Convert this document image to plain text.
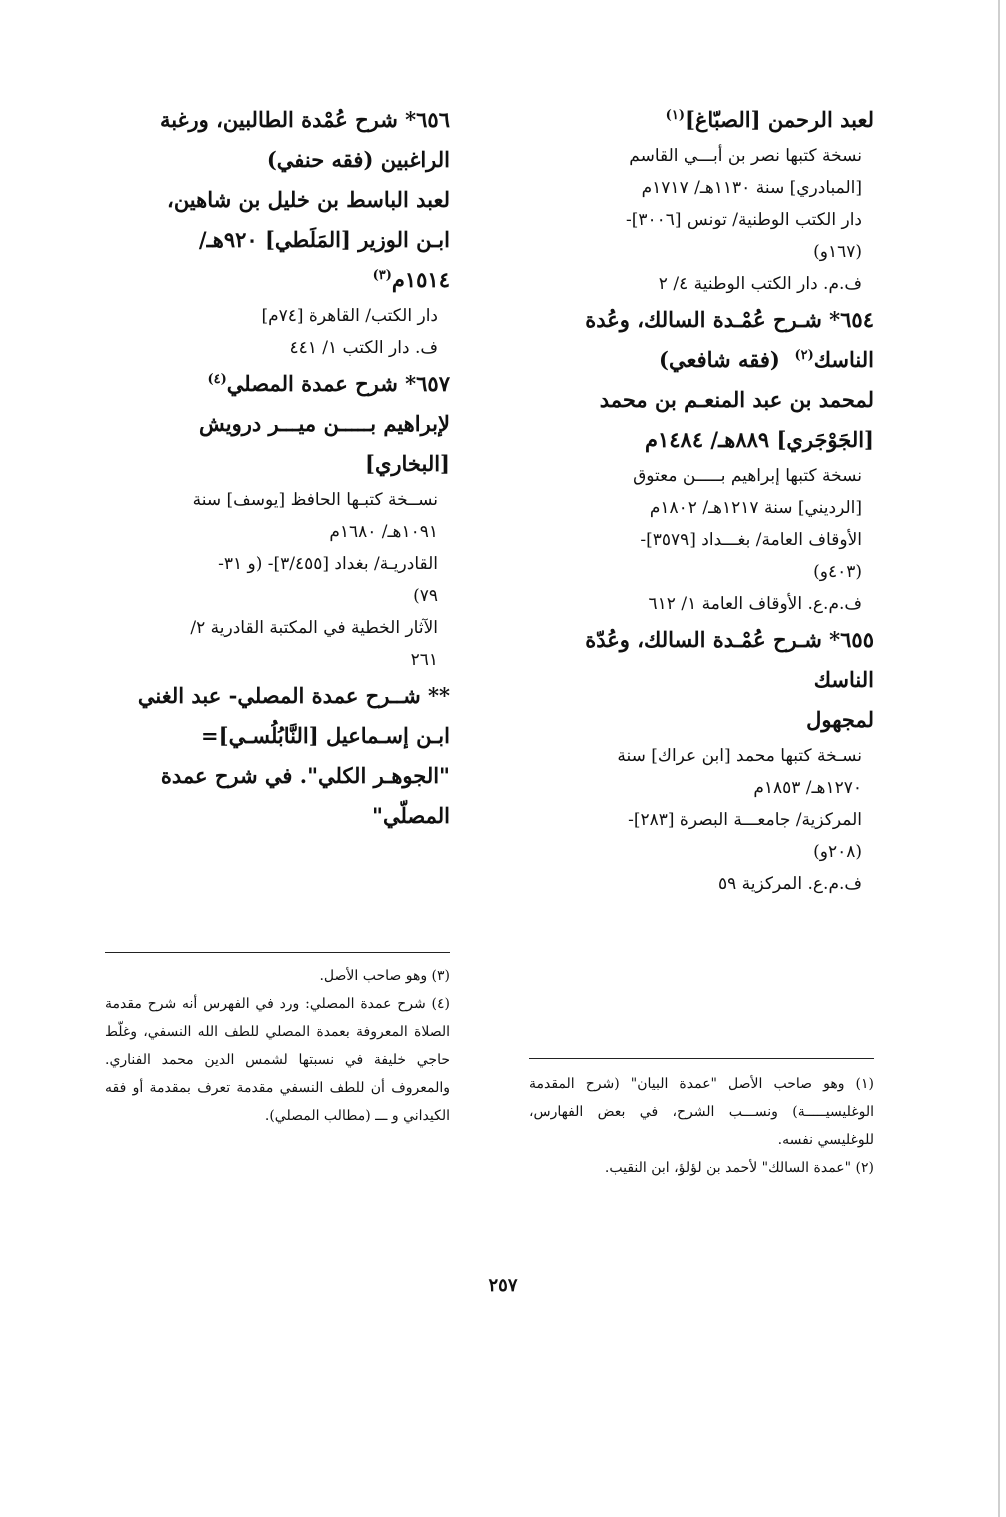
لعبد الرحمن [الصبّاغ]$^{(١)}$

نسخة كتبها نصر بن أبـــي القاسم

[المبادري] سنة ١١٣٠هـ/ ١٧١٧م

دار الكتب الوطنية/ تونس [٣٠٠٦]-

(١٦٧و)

ف.م. دار الكتب الوطنية ٤/ ٢

٦٥٤* شـرح عُمْـدة السالك، وعُدة

الناسك$^{(٢)}$  (فقه شافعي)

لمحمد بن عبد المنعـم بن محمد

[الجَوْجَري] ٨٨٩هـ/ ١٤٨٤م

نسخة كتبها إبراهيم بـــــن معتوق

[الرديني] سنة ١٢١٧هـ/ ١٨٠٢م

الأوقاف العامة/ بغـــداد [٣٥٧٩]-

(٤٠٣و)

ف.م.ع. الأوقاف العامة ١/ ٦١٢

٦٥٥* شـرح عُمْـدة السالك، وعُدّة

الناسك

لمجهول

نسـخة كتبها محمد [ابن عراك] سنة

١٢٧٠هـ/ ١٨٥٣م

المركزية/ جامعـــة البصرة [٢٨٣]-

(٢٠٨و)

ف.م.ع. المركزية ٥٩

٦٥٦* شرح عُمْدة الطالبين، ورغبة

الراغبين (فقه حنفي)

لعبد الباسط بن خليل بن شاهين،

ابـن الوزير [المَلَطي] ٩٢٠هـ/

١٥١٤م$^{(٣)}$

دار الكتب/ القاهرة [٧٤م]

ف. دار الكتب ١/ ٤٤١

٦٥٧* شرح عمدة المصلي$^{(٤)}$

لإبراهيم بـــــن ميـــر درويش

[البخاري]

نســخة كتبـها الحافظ [يوسف] سنة

١٠٩١هـ/ ١٦٨٠م

القادريـة/ بغداد [٣/٤٥٥]- (و ٣١-

٧٩)

الآثار الخطية في المكتبة القادرية ٢/

٢٦١

** شــرح عمدة المصلي- عبد الغني

ابـن إسـماعيل [النَّابُلُسـي]=

"الجوهـر الكلي". في شرح عمدة

المصلّي"

(١) وهو صاحب الأصل "عمدة البيان" (شرح المقدمة الوغليسيـــــة) ونســـب الشرح، في بعض الفهارس، للوغليسي نفسه.

(٢) "عمدة السالك" لأحمد بن لؤلؤ، ابن النقيب.

(٣) وهو صاحب الأصل.

(٤) شرح عمدة المصلي: ورد في الفهرس أنه شرح مقدمة الصلاة المعروفة بعمدة المصلي للطف الله النسفي، وغلّط حاجي خليفة في نسبتها لشمس الدين محمد الفناري. والمعروف أن للطف النسفي مقدمة تعرف بمقدمة أو فقه الكيداني و ـــ (مطالب المصلي).

٢٥٧
